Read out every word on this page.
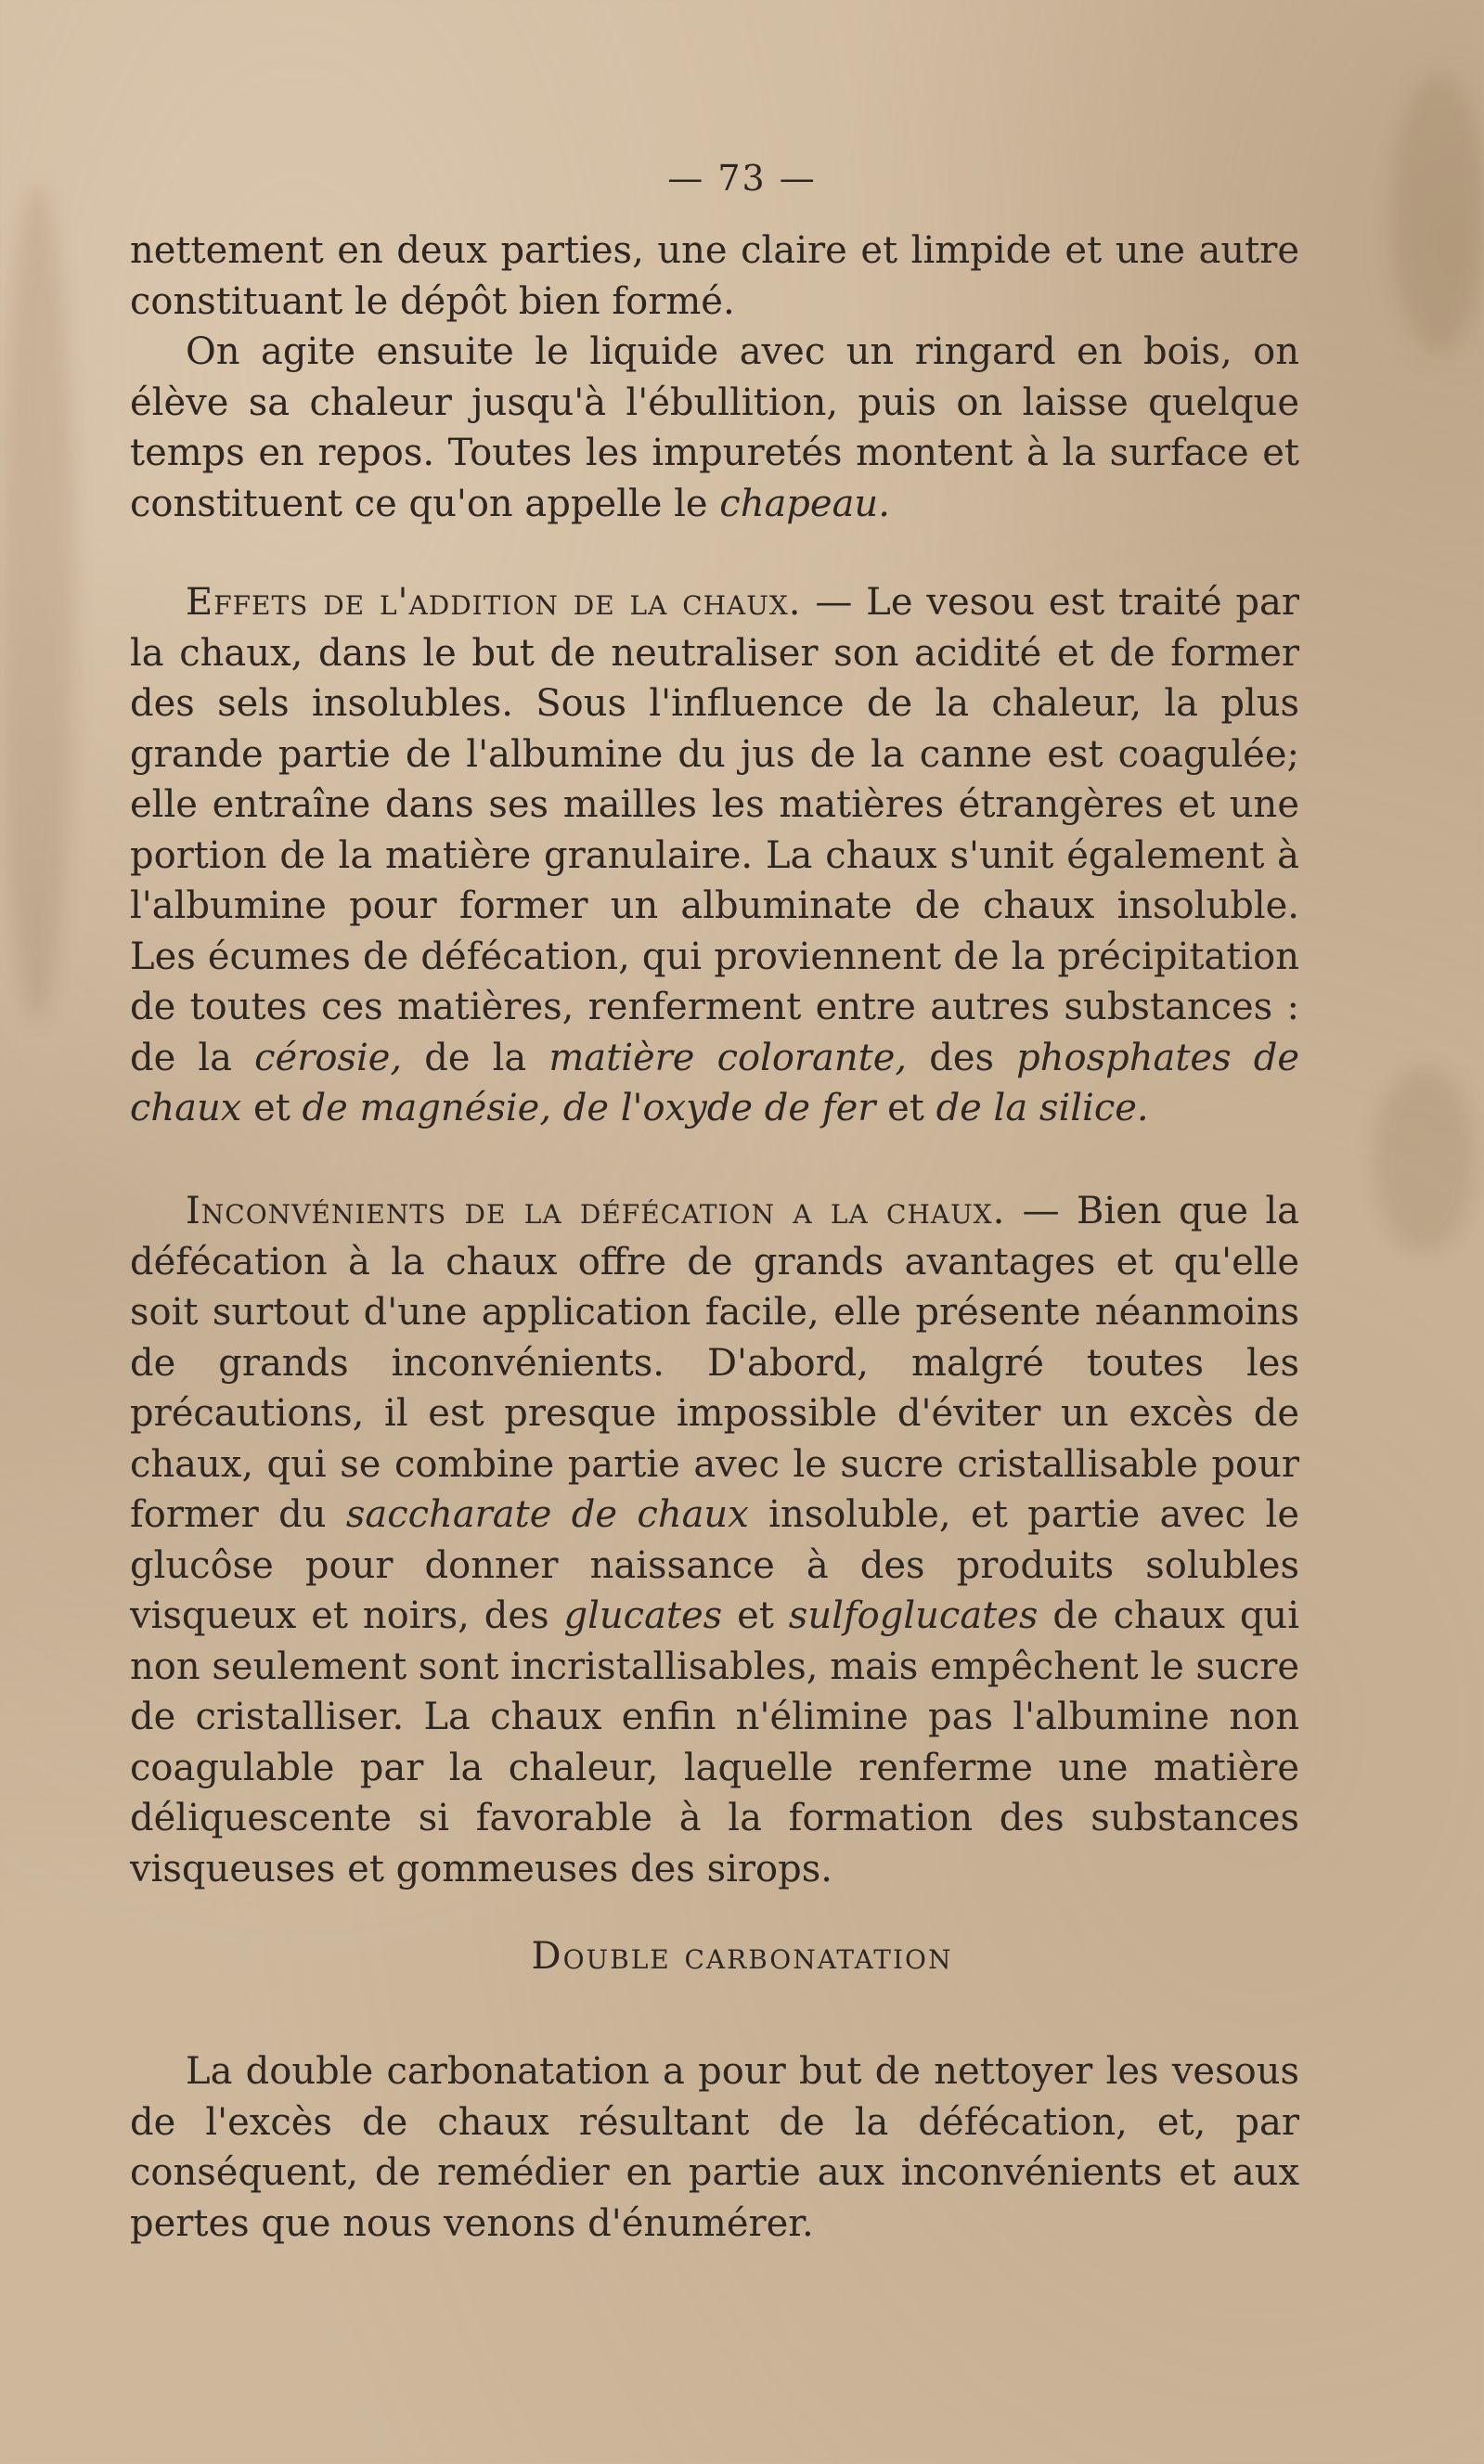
— 73 —

nettement en deux parties, une claire et limpide et une autre constituant le dépôt bien formé.

On agite ensuite le liquide avec un ringard en bois, on élève sa chaleur jusqu'à l'ébullition, puis on laisse quelque temps en repos. Toutes les impuretés montent à la surface et constituent ce qu'on appelle le chapeau.

Effets de l'addition de la chaux. — Le vesou est traité par la chaux, dans le but de neutraliser son acidité et de former des sels insolubles. Sous l'influence de la chaleur, la plus grande partie de l'albumine du jus de la canne est coagulée; elle entraîne dans ses mailles les matières étrangères et une portion de la matière granulaire. La chaux s'unit également à l'albumine pour former un albuminate de chaux insoluble. Les écumes de défécation, qui proviennent de la précipitation de toutes ces matières, renferment entre autres substances : de la cérosie, de la matière colorante, des phosphates de chaux et de magnésie, de l'oxyde de fer et de la silice.

Inconvénients de la défécation a la chaux. — Bien que la défécation à la chaux offre de grands avantages et qu'elle soit surtout d'une application facile, elle présente néanmoins de grands inconvénients. D'abord, malgré toutes les précautions, il est presque impossible d'éviter un excès de chaux, qui se combine partie avec le sucre cristallisable pour former du saccharate de chaux insoluble, et partie avec le glucôse pour donner naissance à des produits solubles visqueux et noirs, des glucates et sulfoglucates de chaux qui non seulement sont incristallisables, mais empêchent le sucre de cristalliser. La chaux enfin n'élimine pas l'albumine non coagulable par la chaleur, laquelle renferme une matière déliquescente si favorable à la formation des substances visqueuses et gommeuses des sirops.

Double carbonatation

La double carbonatation a pour but de nettoyer les vesous de l'excès de chaux résultant de la défécation, et, par conséquent, de remédier en partie aux inconvénients et aux pertes que nous venons d'énumérer.
